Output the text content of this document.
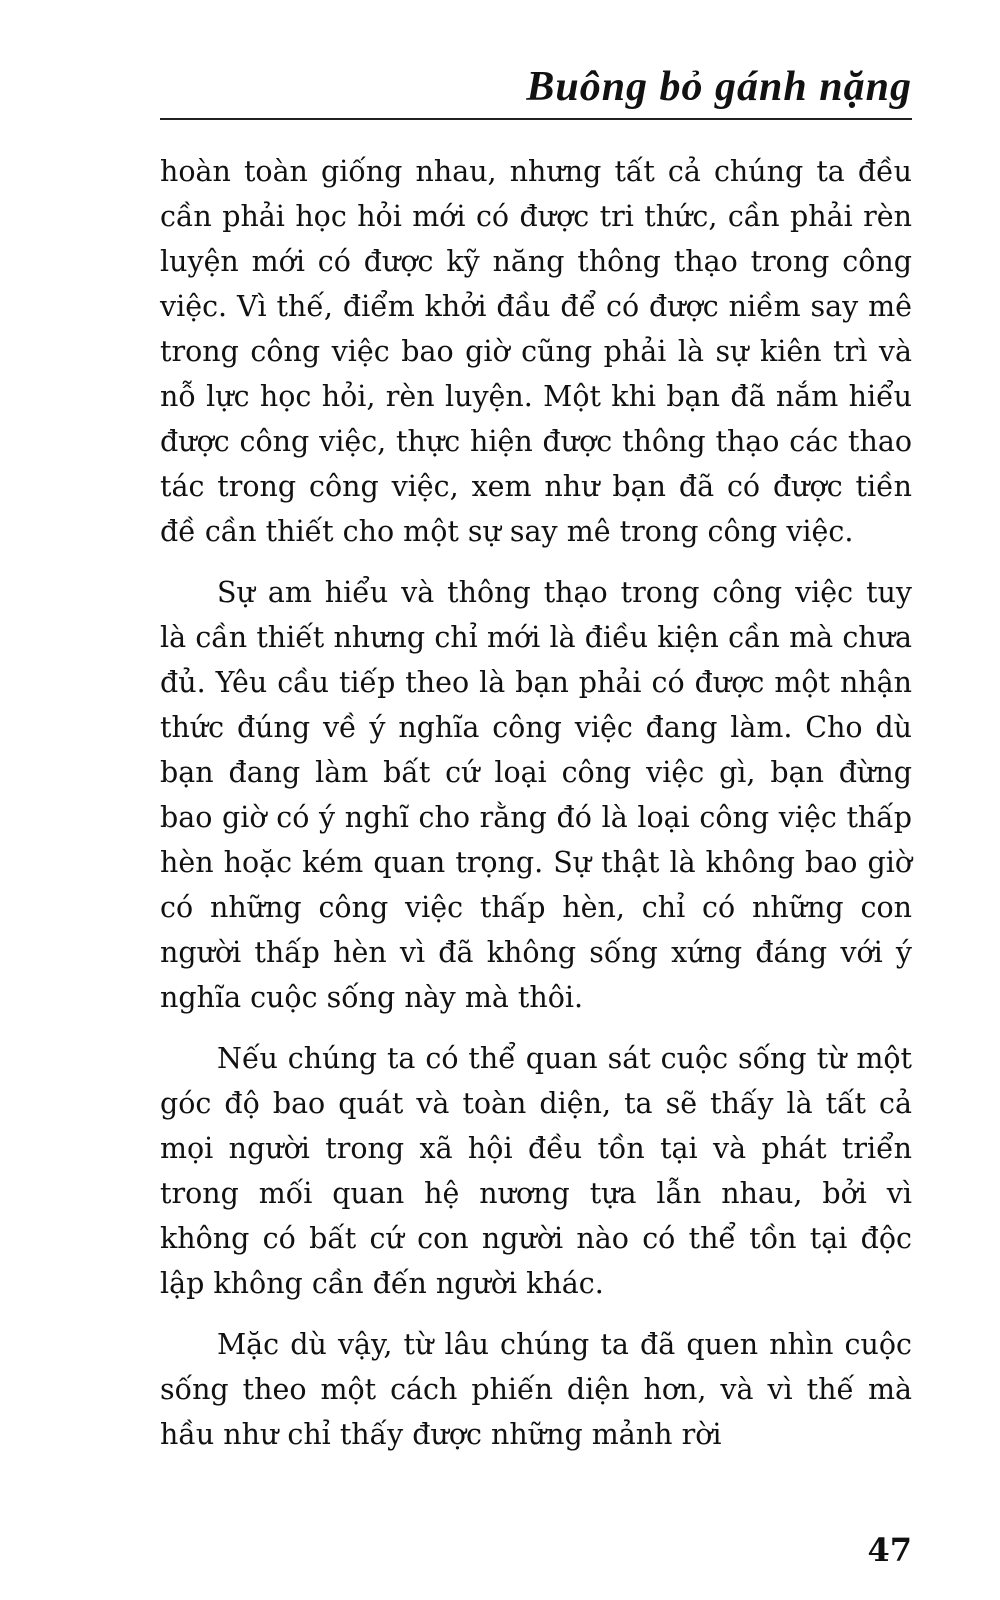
Buông bỏ gánh nặng

hoàn toàn giống nhau, nhưng tất cả chúng ta đều cần phải học hỏi mới có được tri thức, cần phải rèn luyện mới có được kỹ năng thông thạo trong công việc. Vì thế, điểm khởi đầu để có được niềm say mê trong công việc bao giờ cũng phải là sự kiên trì và nỗ lực học hỏi, rèn luyện. Một khi bạn đã nắm hiểu được công việc, thực hiện được thông thạo các thao tác trong công việc, xem như bạn đã có được tiền đề cần thiết cho một sự say mê trong công việc.

Sự am hiểu và thông thạo trong công việc tuy là cần thiết nhưng chỉ mới là điều kiện cần mà chưa đủ. Yêu cầu tiếp theo là bạn phải có được một nhận thức đúng về ý nghĩa công việc đang làm. Cho dù bạn đang làm bất cứ loại công việc gì, bạn đừng bao giờ có ý nghĩ cho rằng đó là loại công việc thấp hèn hoặc kém quan trọng. Sự thật là không bao giờ có những công việc thấp hèn, chỉ có những con người thấp hèn vì đã không sống xứng đáng với ý nghĩa cuộc sống này mà thôi.

Nếu chúng ta có thể quan sát cuộc sống từ một góc độ bao quát và toàn diện, ta sẽ thấy là tất cả mọi người trong xã hội đều tồn tại và phát triển trong mối quan hệ nương tựa lẫn nhau, bởi vì không có bất cứ con người nào có thể tồn tại độc lập không cần đến người khác.

Mặc dù vậy, từ lâu chúng ta đã quen nhìn cuộc sống theo một cách phiến diện hơn, và vì thế mà hầu như chỉ thấy được những mảnh rời

47
